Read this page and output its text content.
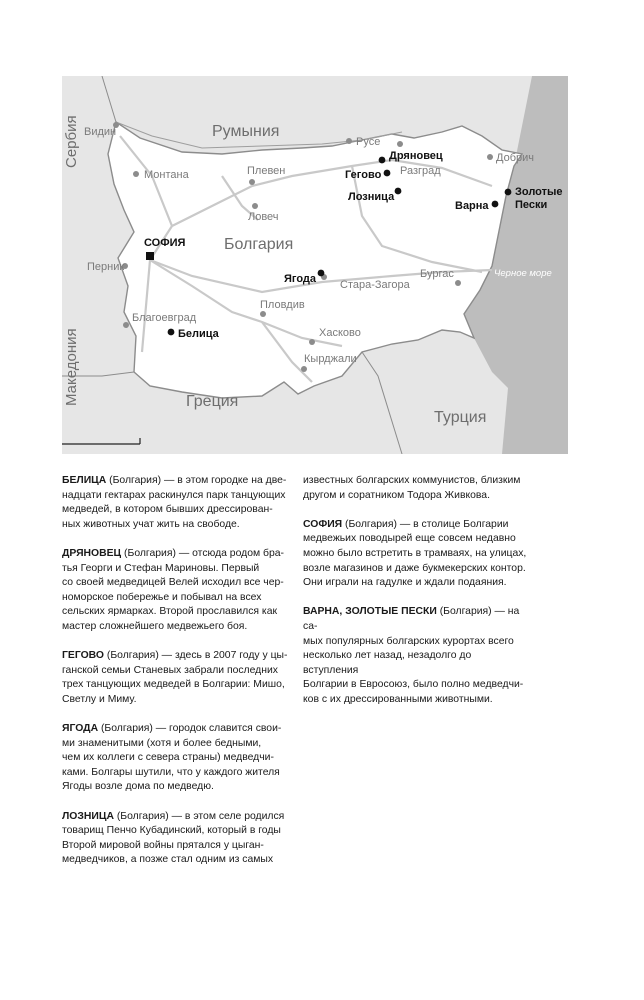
Сербия	Румыния
Болгария
Македония	Греция
Турция
Черное море
Видин
Русе
Монтана	Плевен	Разград
Добрич
Ловеч
Перник
Стара-Загора
Бургас
Благоевград
Пловдив
Хасково
Кырджали
Дряновец
Гегово
Лозница
Варна
Золотые
Пески
СОФИЯ
Ягода
Белица
БЕЛИЦА (Болгария) — в этом городке на две-
надцати гектарах раскинулся парк танцующих
медведей, в котором бывших дрессирован-
ных животных учат жить на свободе.
ДРЯНОВЕЦ (Болгария) — отсюда родом бра-
тья Георги и Стефан Мариновы. Первый
со своей медведицей Велей исходил все чер-
номорское побережье и побывал на всех
сельских ярмарках. Второй прославился как
мастер сложнейшего медвежьего боя.
ГЕГОВО (Болгария) — здесь в 2007 году у цы-
ганской семьи Станевых забрали последних
трех танцующих медведей в Болгарии: Мишо,
Светлу и Миму.
ЯГОДА (Болгария) — городок славится свои-
ми знаменитыми (хотя и более бедными,
чем их коллеги с севера страны) медведчи-
ками. Болгары шутили, что у каждого жителя
Ягоды возле дома по медведю.
ЛОЗНИЦА (Болгария) — в этом селе родился
товарищ Пенчо Кубадинский, который в годы
Второй мировой войны прятался у цыган-
медведчиков, а позже стал одним из самых
известных болгарских коммунистов, близким
другом и соратником Тодора Живкова.
СОФИЯ (Болгария) — в столице Болгарии
медвежьих поводырей еще совсем недавно
можно было встретить в трамваях, на улицах,
возле магазинов и даже букмекерских контор.
Они играли на гадулке и ждали подаяния.
ВАРНА, ЗОЛОТЫЕ ПЕСКИ (Болгария) — на са-
мых популярных болгарских курортах всего
несколько лет назад, незадолго до вступления
Болгарии в Евросоюз, было полно медведчи-
ков с их дрессированными животными.
